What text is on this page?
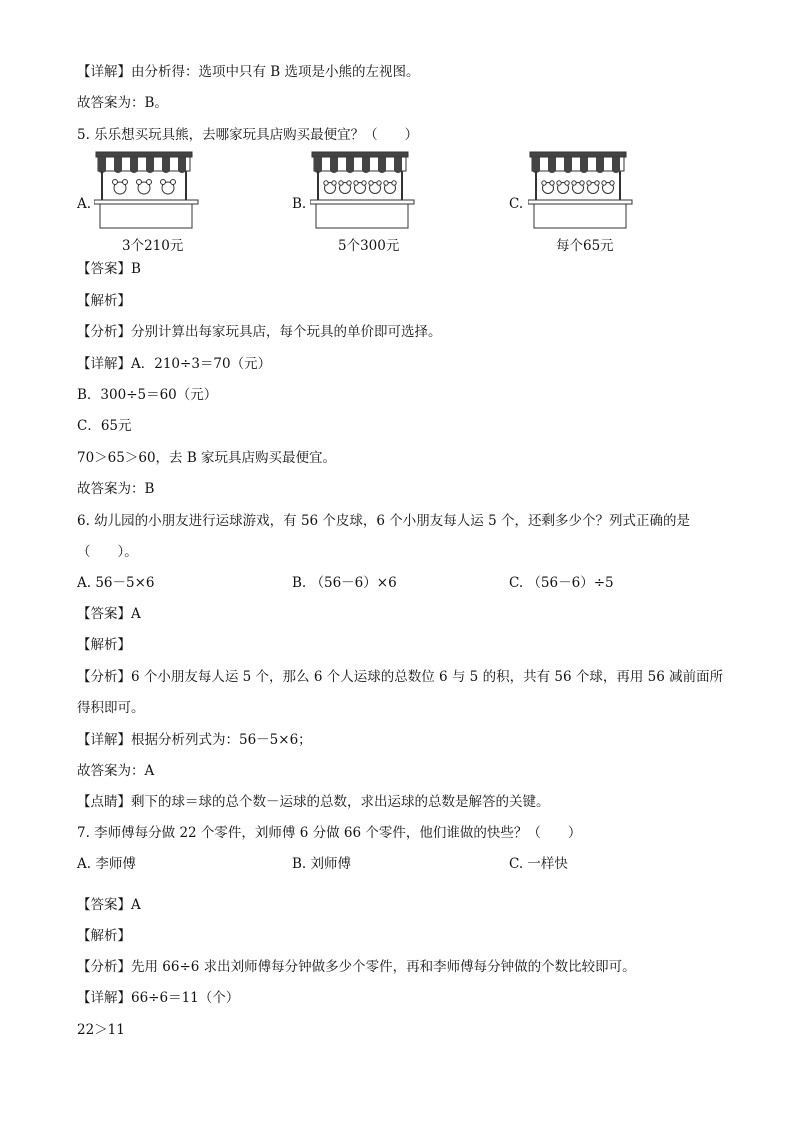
【详解】由分析得：选项中只有 B 选项是小熊的左视图。
故答案为：B。
5. 乐乐想买玩具熊，去哪家玩具店购买最便宜？（　　）
A.
3个210元
B.
5个300元
C.
每个65元
【答案】B
【解析】
【分析】分别计算出每家玩具店，每个玩具的单价即可选择。
【详解】A．210÷3＝70（元）
B．300÷5＝60（元）
C．65元
70＞65＞60，去 B 家玩具店购买最便宜。
故答案为：B
6. 幼儿园的小朋友进行运球游戏，有 56 个皮球，6 个小朋友每人运 5 个，还剩多少个？列式正确的是
（　　）。
A. 56－5×6	B. （56－6）×6	C. （56－6）÷5
【答案】A
【解析】
【分析】6 个小朋友每人运 5 个，那么 6 个人运球的总数位 6 与 5 的积，共有 56 个球，再用 56 减前面所
得积即可。
【详解】根据分析列式为：56－5×6；
故答案为：A
【点睛】剩下的球＝球的总个数－运球的总数，求出运球的总数是解答的关键。
7. 李师傅每分做 22 个零件，刘师傅 6 分做 66 个零件，他们谁做的快些？（　　）
A. 李师傅	B. 刘师傅	C. 一样快
【答案】A
【解析】
【分析】先用 66÷6 求出刘师傅每分钟做多少个零件，再和李师傅每分钟做的个数比较即可。
【详解】66÷6＝11（个）
22＞11
